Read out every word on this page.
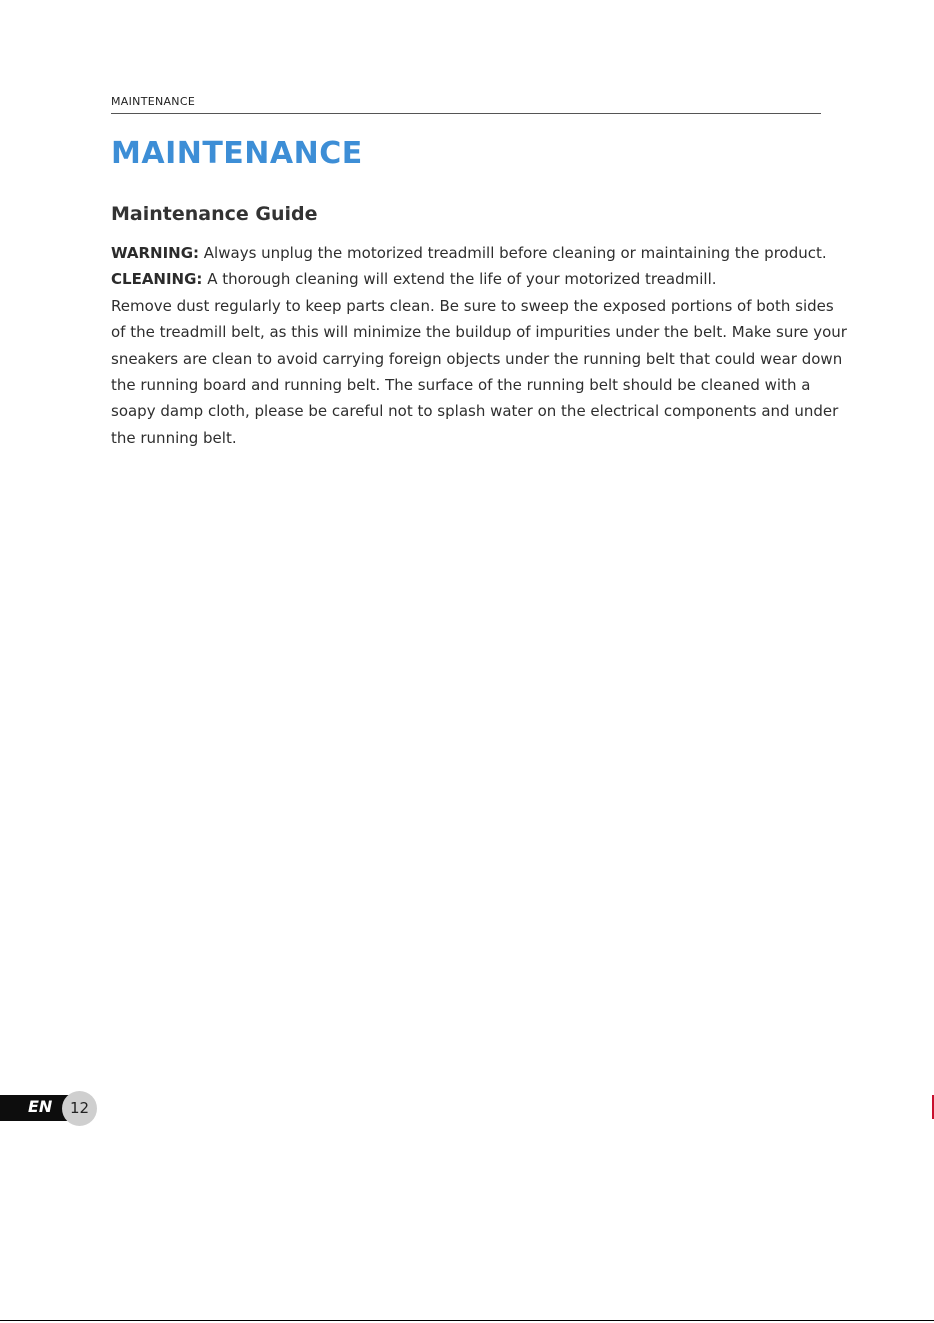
MAINTENANCE
MAINTENANCE
Maintenance Guide

WARNING: Always unplug the motorized treadmill before cleaning or maintaining the product.

CLEANING: A thorough cleaning will extend the life of your motorized treadmill.

Remove dust regularly to keep parts clean. Be sure to sweep the exposed portions of both sides of the treadmill belt, as this will minimize the buildup of impurities under the belt. Make sure your sneakers are clean to avoid carrying foreign objects under the running belt that could wear down the running board and running belt. The surface of the running belt should be cleaned with a soapy damp cloth, please be careful not to splash water on the electrical components and under the running belt.

EN	12
